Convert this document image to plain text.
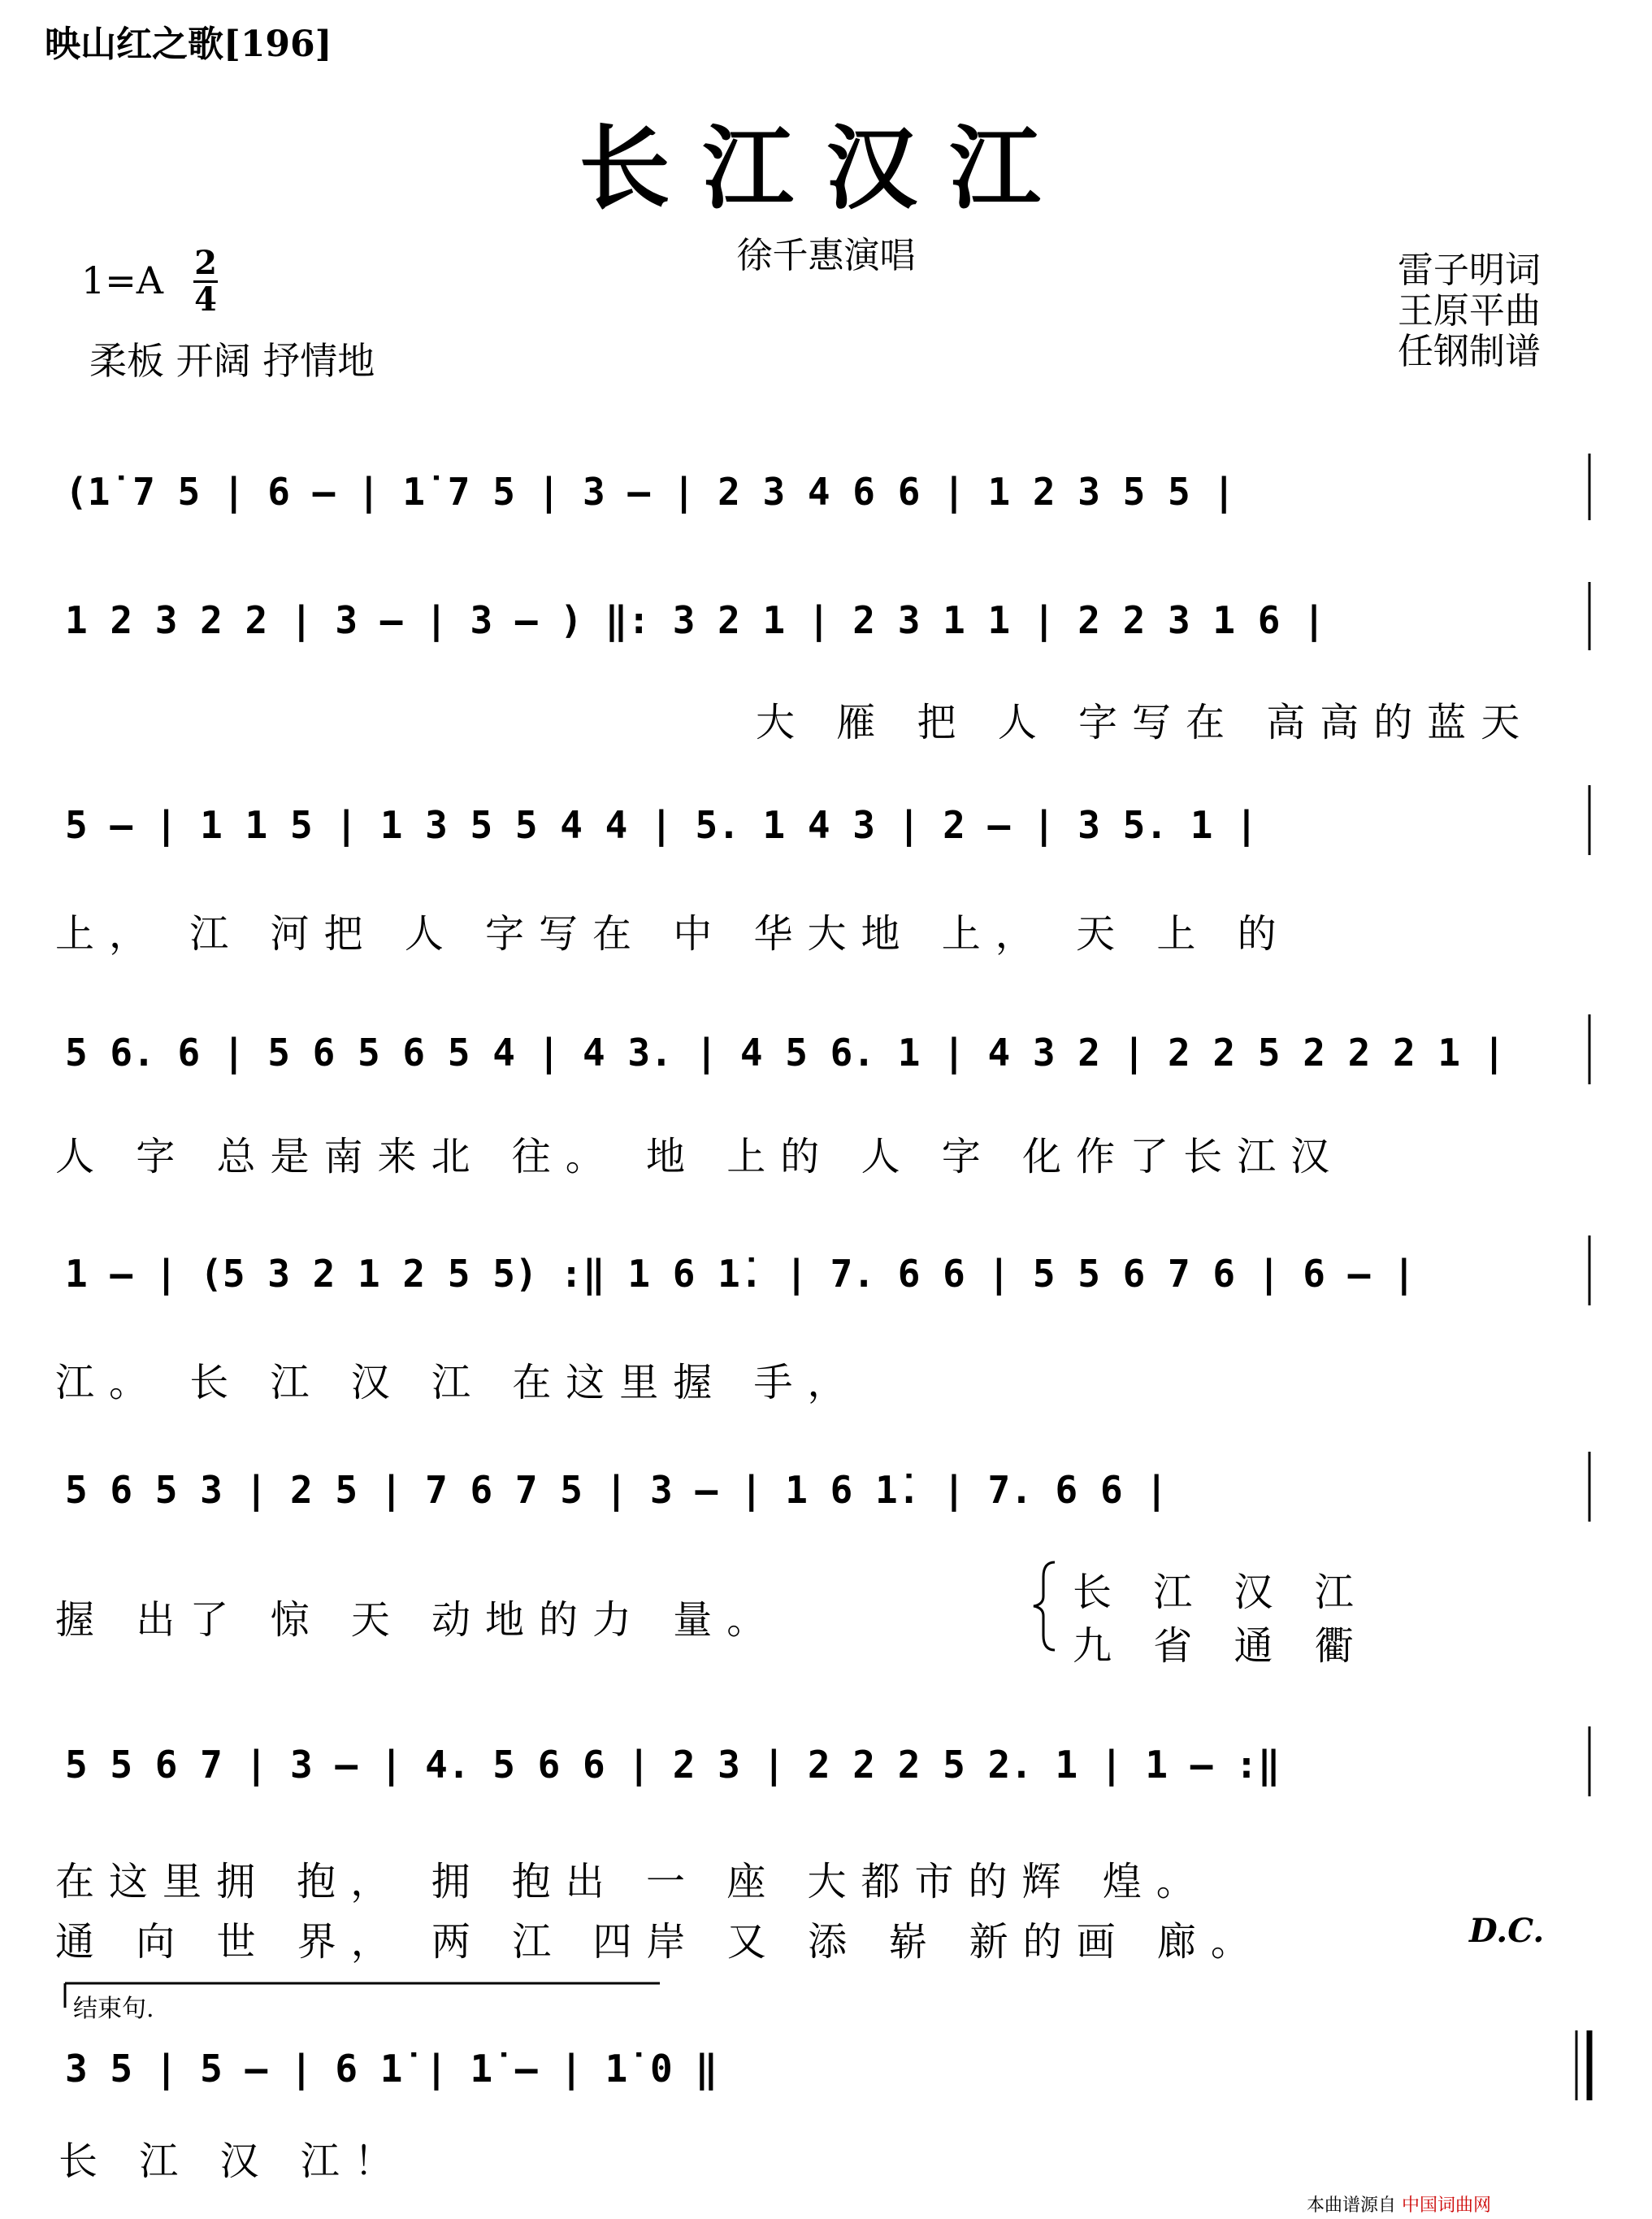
映山红之歌[196]
长江汉江
徐千惠演唱
1=A 2
4
柔板 开阔 抒情地
雷子明词
王原平曲
任钢制谱
(1̇ 7 5 | 6 – | 1̇ 7 5 | 3 – | 2 3 4 6 6 | 1 2 3 5 5 |
1 2 3 2 2 | 3 – | 3 – ) ‖: 3 2 1 | 2 3 1 1 | 2 2 3 1 6 |
大 雁 把 人 字写在 高高的蓝天
5 – | 1 1 5 | 1 3 5 5 4 4 | 5. 1 4 3 | 2 – | 3 5. 1 |
上， 江 河把 人 字写在 中 华大地 上， 天 上 的
5 6. 6 | 5 6 5 6 5 4 | 4 3. | 4 5 6. 1 | 4 3 2 | 2 2 5 2 2 2 1 |
人 字 总是南来北 往。 地 上的 人 字 化作了长江汉
1 – | (5 3 2 1 2 5 5) :‖ 1 6 1̇. | 7. 6 6 | 5 5 6 7 6 | 6 – |
江。 长 江 汉 江 在这里握 手，
5 6 5 3 | 2 5 | 7 6 7 5 | 3 – | 1 6 1̇. | 7. 6 6 |
握 出了 惊 天 动地的力 量。
长 江 汉 江
九 省 通 衢
5 5 6 7 | 3 – | 4. 5 6 6 | 2 3 | 2 2 2 5 2. 1 | 1 – :‖
在这里拥 抱， 拥 抱出 一 座 大都市的辉 煌。
通 向 世 界， 两 江 四岸 又 添 崭 新的画 廊。	D.C.
结束句.
3 5 | 5 – | 6 1̇ | 1̇ – | 1̇ 0 ‖
长 江 汉 江！
本曲谱源自 中国词曲网
